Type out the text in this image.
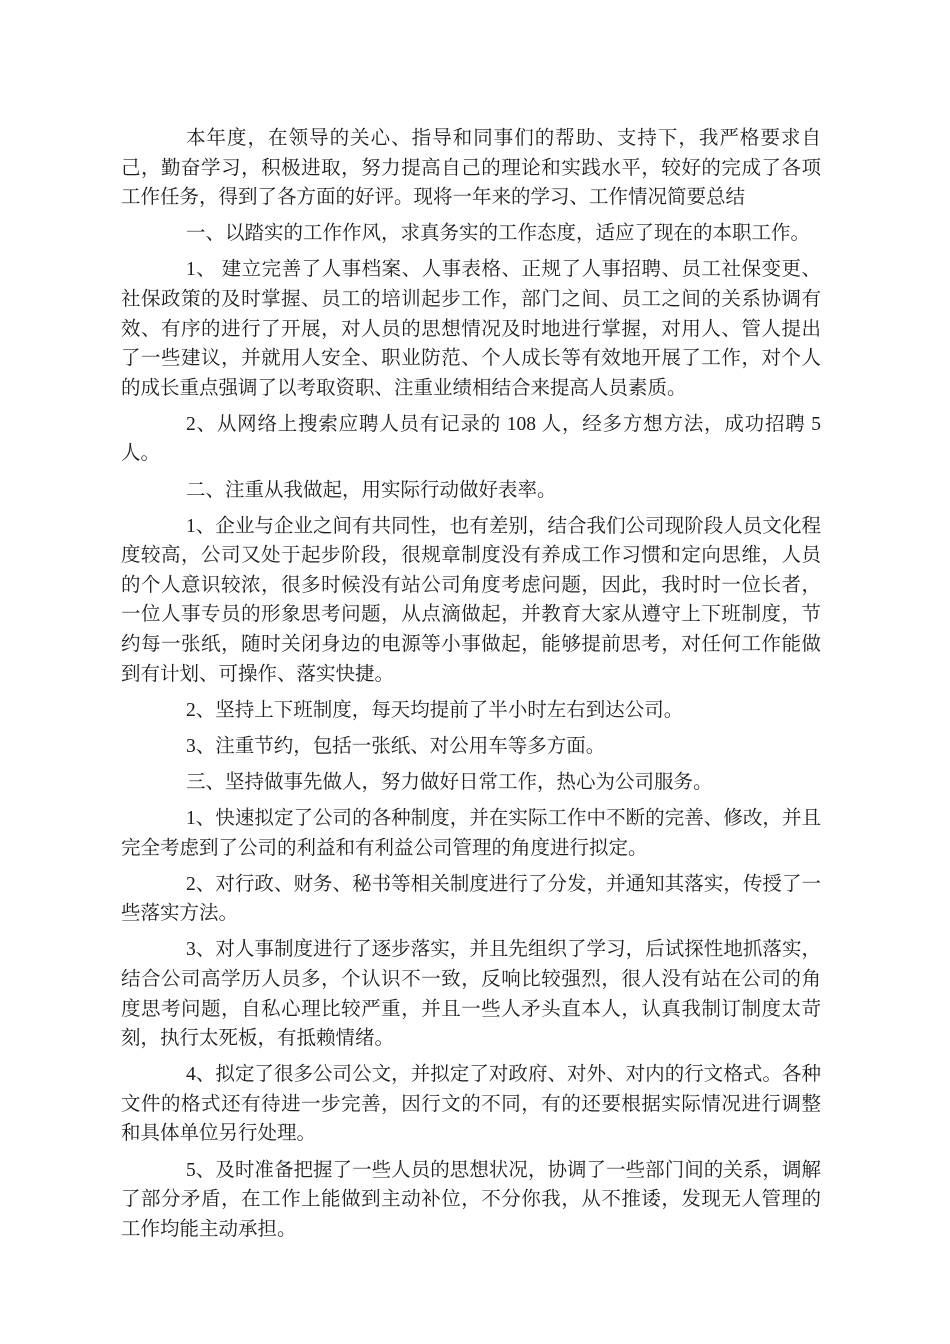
本年度，在领导的关心、指导和同事们的帮助、支持下，我严格要求自己，勤奋学习，积极进取，努力提高自己的理论和实践水平，较好的完成了各项工作任务，得到了各方面的好评。现将一年来的学习、工作情况简要总结

一、以踏实的工作作风，求真务实的工作态度，适应了现在的本职工作。

1、 建立完善了人事档案、人事表格、正规了人事招聘、员工社保变更、社保政策的及时掌握、员工的培训起步工作，部门之间、员工之间的关系协调有效、有序的进行了开展，对人员的思想情况及时地进行掌握，对用人、管人提出了一些建议，并就用人安全、职业防范、个人成长等有效地开展了工作，对个人的成长重点强调了以考取资职、注重业绩相结合来提高人员素质。

2、从网络上搜索应聘人员有记录的 108 人，经多方想方法，成功招聘 5 人。

二、注重从我做起，用实际行动做好表率。

1、企业与企业之间有共同性，也有差别，结合我们公司现阶段人员文化程度较高，公司又处于起步阶段，很规章制度没有养成工作习惯和定向思维，人员的个人意识较浓，很多时候没有站公司角度考虑问题，因此，我时时一位长者，一位人事专员的形象思考问题，从点滴做起，并教育大家从遵守上下班制度，节约每一张纸，随时关闭身边的电源等小事做起，能够提前思考，对任何工作能做到有计划、可操作、落实快捷。

2、坚持上下班制度，每天均提前了半小时左右到达公司。

3、注重节约，包括一张纸、对公用车等多方面。

三、坚持做事先做人，努力做好日常工作，热心为公司服务。

1、快速拟定了公司的各种制度，并在实际工作中不断的完善、修改，并且完全考虑到了公司的利益和有利益公司管理的角度进行拟定。

2、对行政、财务、秘书等相关制度进行了分发，并通知其落实，传授了一些落实方法。

3、对人事制度进行了逐步落实，并且先组织了学习，后试探性地抓落实，结合公司高学历人员多，个认识不一致，反响比较强烈，很人没有站在公司的角度思考问题，自私心理比较严重，并且一些人矛头直本人，认真我制订制度太苛刻，执行太死板，有抵赖情绪。

4、拟定了很多公司公文，并拟定了对政府、对外、对内的行文格式。各种文件的格式还有待进一步完善，因行文的不同，有的还要根据实际情况进行调整和具体单位另行处理。

5、及时准备把握了一些人员的思想状况，协调了一些部门间的关系，调解了部分矛盾，在工作上能做到主动补位，不分你我，从不推诿，发现无人管理的工作均能主动承担。
